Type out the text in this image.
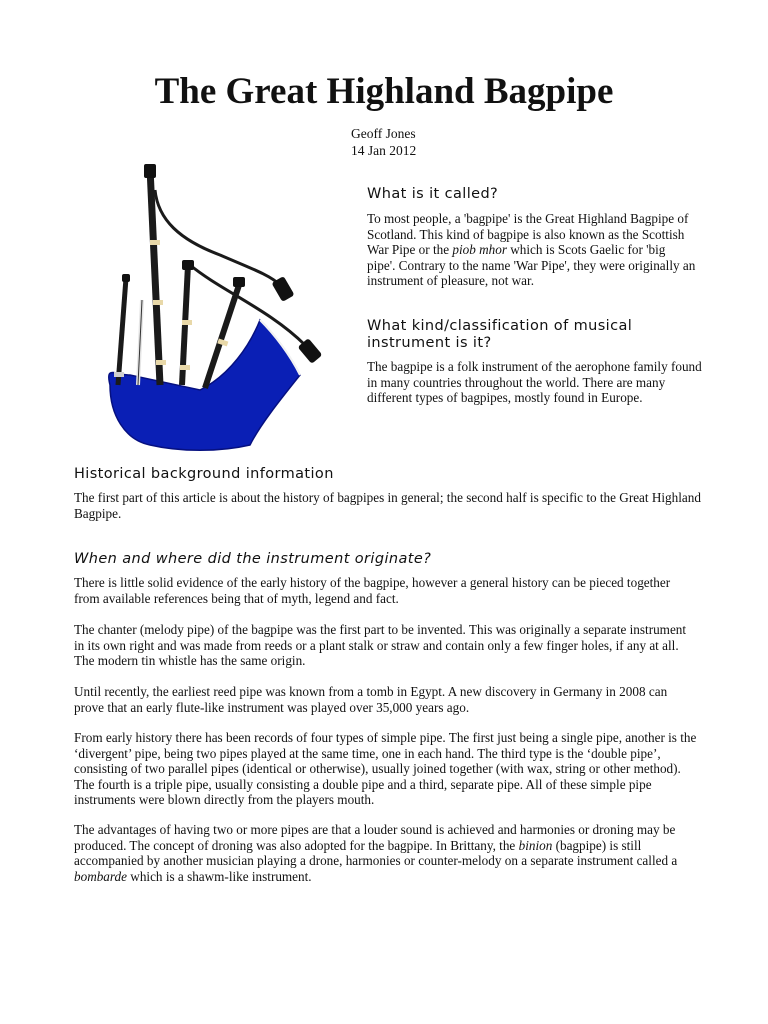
The Great Highland Bagpipe
Geoff Jones
14 Jan 2012
What is it called?

To most people, a 'bagpipe' is the Great Highland Bagpipe of Scotland. This kind of bagpipe is also known as the Scottish War Pipe or the piob mhor which is Scots Gaelic for 'big pipe'. Contrary to the name 'War Pipe', they were originally an instrument of pleasure, not war.

What kind/classification of musical instrument is it?

The bagpipe is a folk instrument of the aerophone family found in many countries throughout the world. There are many different types of bagpipes, mostly found in Europe.

Historical background information

The first part of this article is about the history of bagpipes in general; the second half is specific to the Great Highland Bagpipe.

When and where did the instrument originate?

There is little solid evidence of the early history of the bagpipe, however a general history can be pieced together from available references being that of myth, legend and fact.

The chanter (melody pipe) of the bagpipe was the first part to be invented. This was originally a separate instrument in its own right and was made from reeds or a plant stalk or straw and contain only a few finger holes, if any at all. The modern tin whistle has the same origin.

Until recently, the earliest reed pipe was known from a tomb in Egypt. A new discovery in Germany in 2008 can prove that an early flute-like instrument was played over 35,000 years ago.

From early history there has been records of four types of simple pipe. The first just being a single pipe, another is the ‘divergent’ pipe, being two pipes played at the same time, one in each hand. The third type is the ‘double pipe’, consisting of two parallel pipes (identical or otherwise), usually joined together (with wax, string or other method). The fourth is a triple pipe, usually consisting a double pipe and a third, separate pipe. All of these simple pipe instruments were blown directly from the players mouth.

The advantages of having two or more pipes are that a louder sound is achieved and harmonies or droning may be produced. The concept of droning was also adopted for the bagpipe. In Brittany, the binion (bagpipe) is still accompanied by another musician playing a drone, harmonies or counter-melody on a separate instrument called a bombarde which is a shawm-like instrument.
